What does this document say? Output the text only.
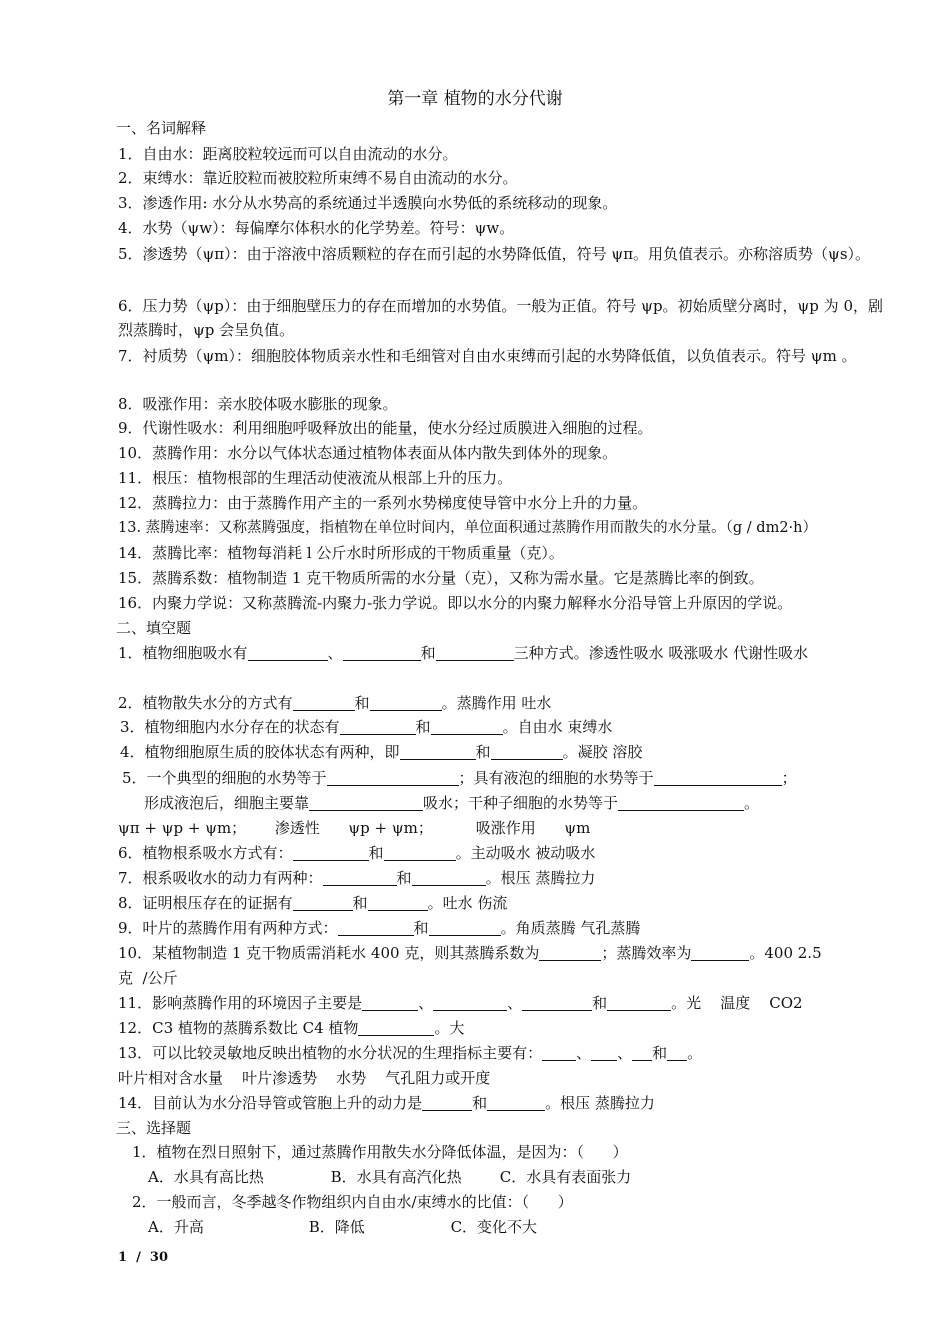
第一章 植物的水分代谢
一、名词解释
1．自由水：距离胶粒较远而可以自由流动的水分。
2．束缚水：靠近胶粒而被胶粒所束缚不易自由流动的水分。
3．渗透作用: 水分从水势高的系统通过半透膜向水势低的系统移动的现象。
4．水势（ψw）：每偏摩尔体积水的化学势差。符号：ψw。
5．渗透势（ψπ）：由于溶液中溶质颗粒的存在而引起的水势降低值，符号 ψπ。用负值表示。亦称溶质势（ψs）。
6．压力势（ψp）：由于细胞壁压力的存在而增加的水势值。一般为正值。符号 ψp。初始质壁分离时，ψp 为 0，剧烈蒸腾时，ψp 会呈负值。
7．衬质势（ψm）：细胞胶体物质亲水性和毛细管对自由水束缚而引起的水势降低值，以负值表示。符号 ψm 。
8．吸涨作用：亲水胶体吸水膨胀的现象。
9．代谢性吸水：利用细胞呼吸释放出的能量，使水分经过质膜进入细胞的过程。
10．蒸腾作用：水分以气体状态通过植物体表面从体内散失到体外的现象。
11．根压：植物根部的生理活动使液流从根部上升的压力。
12．蒸腾拉力：由于蒸腾作用产主的一系列水势梯度使导管中水分上升的力量。
13. 蒸腾速率：又称蒸腾强度，指植物在单位时间内，单位面积通过蒸腾作用而散失的水分量。（g / dm2·h）
14．蒸腾比率：植物每消耗 l 公斤水时所形成的干物质重量（克）。
15．蒸腾系数：植物制造 1 克干物质所需的水分量（克），又称为需水量。它是蒸腾比率的倒致。
16．内聚力学说：又称蒸腾流-内聚力-张力学说。即以水分的内聚力解释水分沿导管上升原因的学说。
二、填空题
1．植物细胞吸水有	、	和	三种方式。渗透性吸水 吸涨吸水 代谢性吸水
2．植物散失水分的方式有	和	。蒸腾作用 吐水
3．植物细胞内水分存在的状态有	和	。自由水 束缚水
4．植物细胞原生质的胶体状态有两种，即	和	。凝胶 溶胶
5．一个典型的细胞的水势等于	；具有液泡的细胞的水势等于	；
形成液泡后，细胞主要靠	吸水；干种子细胞的水势等于	。
ψπ + ψp + ψm；      渗透性      ψp + ψm；         吸涨作用      ψm
6．植物根系吸水方式有：	和	。主动吸水 被动吸水
7．根系吸收水的动力有两种：	和	。根压 蒸腾拉力
8．证明根压存在的证据有	和	。吐水 伤流
9．叶片的蒸腾作用有两种方式：	和	。角质蒸腾 气孔蒸腾
10．某植物制造 1 克干物质需消耗水 400 克，则其蒸腾系数为	；蒸腾效率为	。400 2.5
克  /公斤
11．影响蒸腾作用的环境因子主要是	、	、	和	。光    温度    CO2
12．C3 植物的蒸腾系数比 C4 植物	。大
13．可以比较灵敏地反映出植物的水分状况的生理指标主要有： 、 、 和 。
叶片相对含水量    叶片渗透势    水势    气孔阻力或开度
14．目前认为水分沿导管或管胞上升的动力是	和	。根压 蒸腾拉力
三、选择题
1．植物在烈日照射下，通过蒸腾作用散失水分降低体温，是因为：（      ）
A．水具有高比热              B．水具有高汽化热        C．水具有表面张力
2．一般而言，冬季越冬作物组织内自由水/束缚水的比值：（      ）
A．升高                      B．降低                  C．变化不大
1  /  30
